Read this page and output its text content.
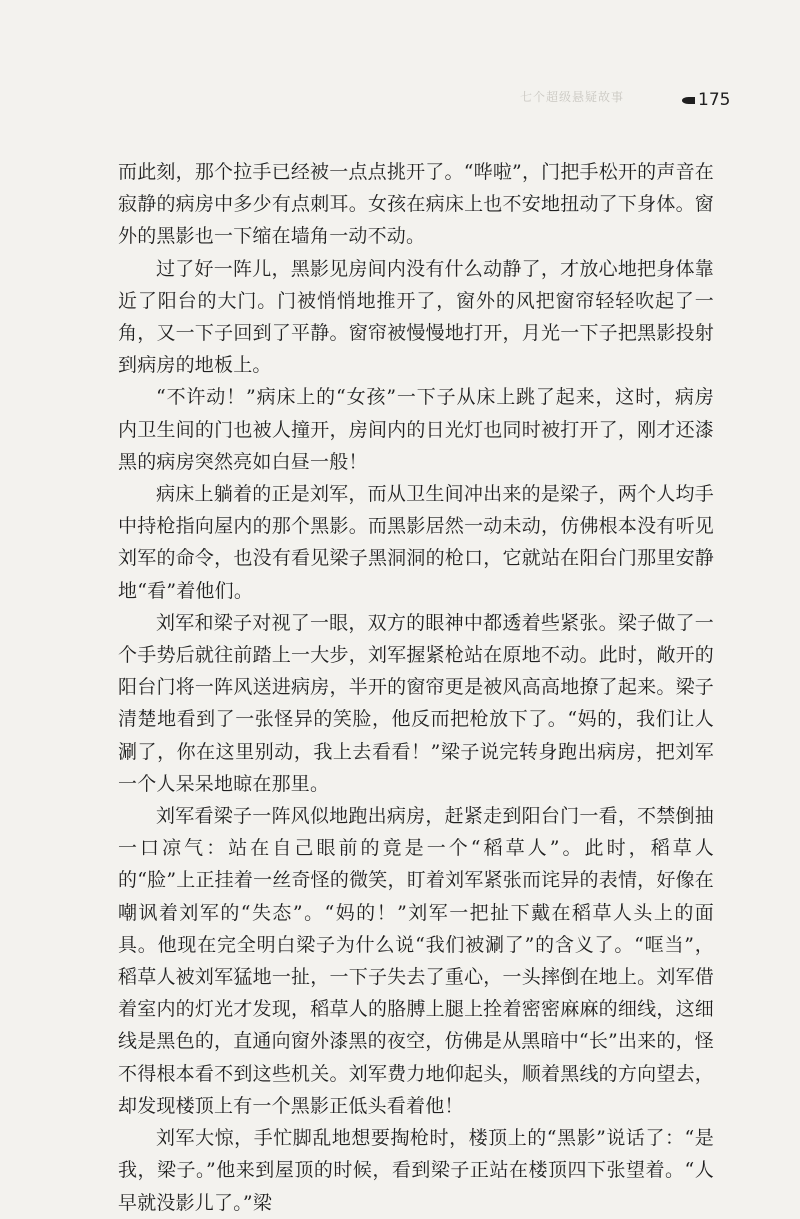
七个超级悬疑故事	175

而此刻，那个拉手已经被一点点挑开了。“哗啦”，门把手松开的声音在寂静的病房中多少有点刺耳。女孩在病床上也不安地扭动了下身体。窗外的黑影也一下缩在墙角一动不动。

过了好一阵儿，黑影见房间内没有什么动静了，才放心地把身体靠近了阳台的大门。门被悄悄地推开了，窗外的风把窗帘轻轻吹起了一角，又一下子回到了平静。窗帘被慢慢地打开，月光一下子把黑影投射到病房的地板上。

“不许动！”病床上的“女孩”一下子从床上跳了起来，这时，病房内卫生间的门也被人撞开，房间内的日光灯也同时被打开了，刚才还漆黑的病房突然亮如白昼一般！

病床上躺着的正是刘军，而从卫生间冲出来的是梁子，两个人均手中持枪指向屋内的那个黑影。而黑影居然一动未动，仿佛根本没有听见刘军的命令，也没有看见梁子黑洞洞的枪口，它就站在阳台门那里安静地“看”着他们。

刘军和梁子对视了一眼，双方的眼神中都透着些紧张。梁子做了一个手势后就往前踏上一大步，刘军握紧枪站在原地不动。此时，敞开的阳台门将一阵风送进病房，半开的窗帘更是被风高高地撩了起来。梁子清楚地看到了一张怪异的笑脸，他反而把枪放下了。“妈的，我们让人涮了，你在这里别动，我上去看看！”梁子说完转身跑出病房，把刘军一个人呆呆地晾在那里。

刘军看梁子一阵风似地跑出病房，赶紧走到阳台门一看，不禁倒抽一口凉气：站在自己眼前的竟是一个“稻草人”。此时，稻草人的“脸”上正挂着一丝奇怪的微笑，盯着刘军紧张而诧异的表情，好像在嘲讽着刘军的“失态”。“妈的！”刘军一把扯下戴在稻草人头上的面具。他现在完全明白梁子为什么说“我们被涮了”的含义了。“哐当”，稻草人被刘军猛地一扯，一下子失去了重心，一头摔倒在地上。刘军借着室内的灯光才发现，稻草人的胳膊上腿上拴着密密麻麻的细线，这细线是黑色的，直通向窗外漆黑的夜空，仿佛是从黑暗中“长”出来的，怪不得根本看不到这些机关。刘军费力地仰起头，顺着黑线的方向望去，却发现楼顶上有一个黑影正低头看着他！

刘军大惊，手忙脚乱地想要掏枪时，楼顶上的“黑影”说话了：“是我，梁子。”他来到屋顶的时候，看到梁子正站在楼顶四下张望着。“人早就没影儿了。”梁
